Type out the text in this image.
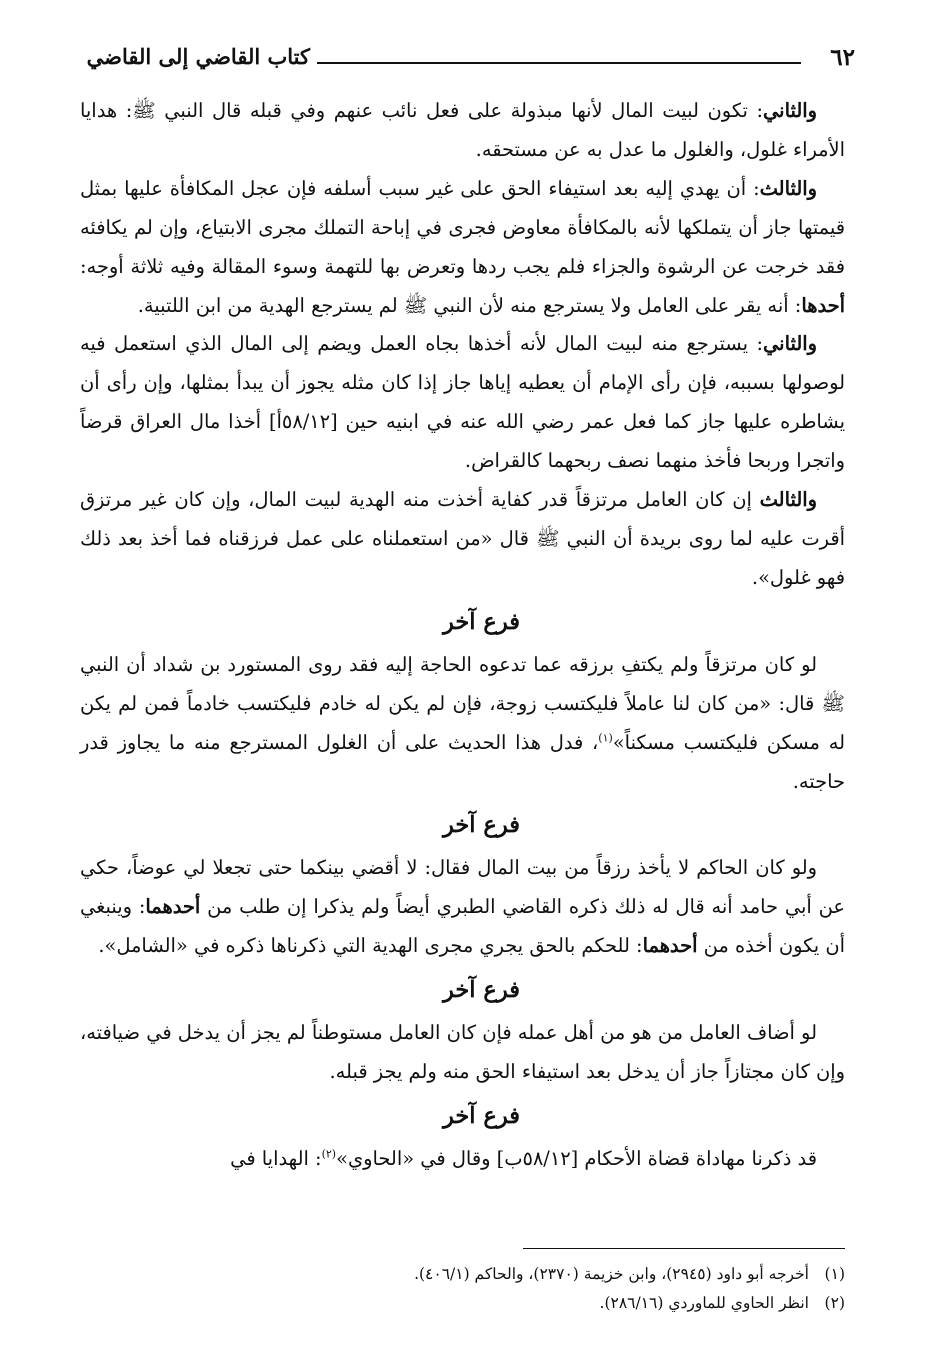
كتاب القاضي إلى القاضي	٦٢

والثاني: تكون لبيت المال لأنها مبذولة على فعل نائب عنهم وفي قبله قال النبي ﷺ: هدايا الأمراء غلول، والغلول ما عدل به عن مستحقه.

والثالث: أن يهدي إليه بعد استيفاء الحق على غير سبب أسلفه فإن عجل المكافأة عليها بمثل قيمتها جاز أن يتملكها لأنه بالمكافأة معاوض فجرى في إباحة التملك مجرى الابتياع، وإن لم يكافئه فقد خرجت عن الرشوة والجزاء فلم يجب ردها وتعرض بها للتهمة وسوء المقالة وفيه ثلاثة أوجه: أحدها: أنه يقر على العامل ولا يسترجع منه لأن النبي ﷺ لم يسترجع الهدية من ابن اللتبية.

والثاني: يسترجع منه لبيت المال لأنه أخذها بجاه العمل ويضم إلى المال الذي استعمل فيه لوصولها بسببه، فإن رأى الإمام أن يعطيه إياها جاز إذا كان مثله يجوز أن يبدأ بمثلها، وإن رأى أن يشاطره عليها جاز كما فعل عمر رضي الله عنه في ابنيه حين [٥٨/١٢أ] أخذا مال العراق قرضاً واتجرا وربحا فأخذ منهما نصف ربحهما كالقراض.

والثالث إن كان العامل مرتزقاً قدر كفاية أخذت منه الهدية لبيت المال، وإن كان غير مرتزق أقرت عليه لما روى بريدة أن النبي ﷺ قال «من استعملناه على عمل فرزقناه فما أخذ بعد ذلك فهو غلول».

فرع آخر

لو كان مرتزقاً ولم يكتفِ برزقه عما تدعوه الحاجة إليه فقد روى المستورد بن شداد أن النبي ﷺ قال: «من كان لنا عاملاً فليكتسب زوجة، فإن لم يكن له خادم فليكتسب خادماً فمن لم يكن له مسكن فليكتسب مسكناً»$^{(١)}$، فدل هذا الحديث على أن الغلول المسترجع منه ما يجاوز قدر حاجته.

فرع آخر

ولو كان الحاكم لا يأخذ رزقاً من بيت المال فقال: لا أقضي بينكما حتى تجعلا لي عوضاً، حكي عن أبي حامد أنه قال له ذلك ذكره القاضي الطبري أيضاً ولم يذكرا إن طلب من أحدهما: وينبغي أن يكون أخذه من أحدهما: للحكم بالحق يجري مجرى الهدية التي ذكرناها ذكره في «الشامل».

فرع آخر

لو أضاف العامل من هو من أهل عمله فإن كان العامل مستوطناً لم يجز أن يدخل في ضيافته، وإن كان مجتازاً جاز أن يدخل بعد استيفاء الحق منه ولم يجز قبله.

فرع آخر

قد ذكرنا مهاداة قضاة الأحكام [٥٨/١٢ب] وقال في «الحاوي»$^{(٢)}$: الهدايا في

(١)أخرجه أبو داود (٢٩٤٥)، وابن خزيمة (٢٣٧٠)، والحاكم (٤٠٦/١).
(٢)انظر الحاوي للماوردي (٢٨٦/١٦).
